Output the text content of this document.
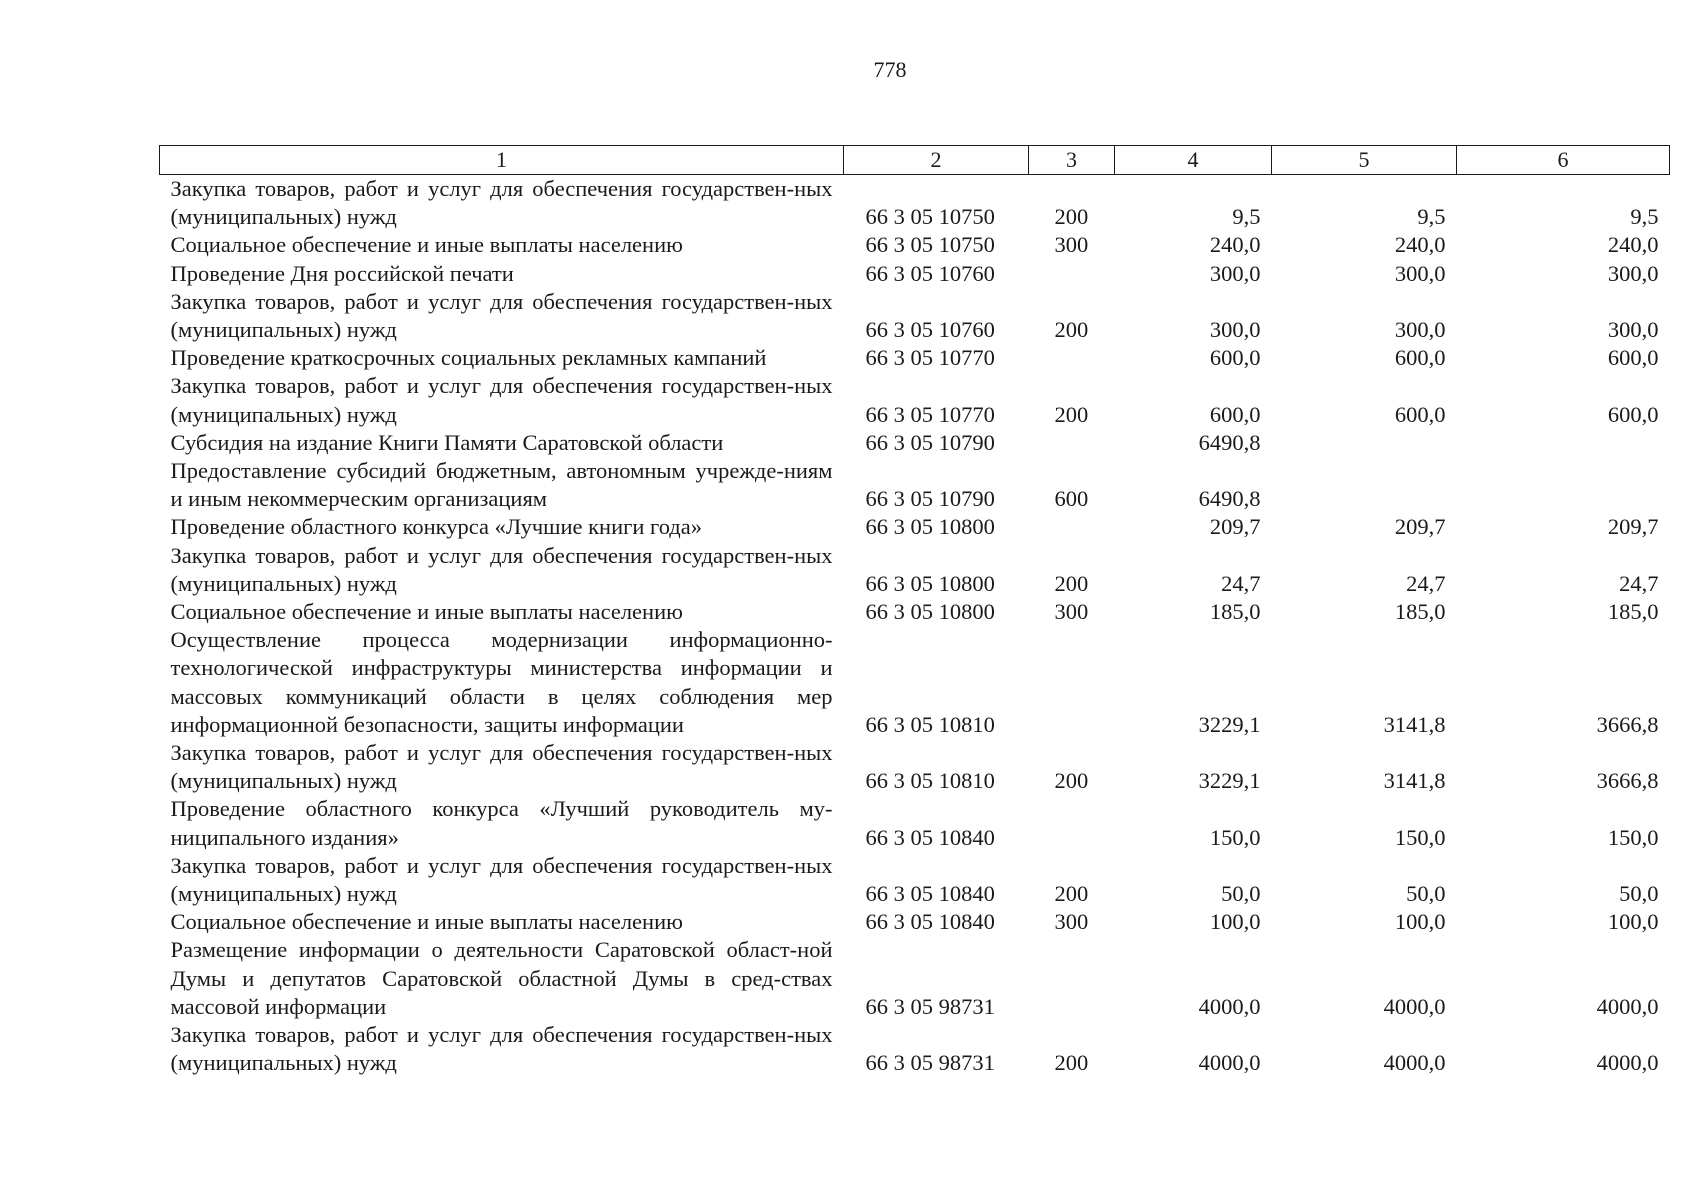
778
1	2	3	4	5	6
Закупка товаров, работ и услуг для обеспечения государствен-ных (муниципальных) нужд	66 3 05 10750	200	9,5	9,5	9,5
Социальное обеспечение и иные выплаты населению	66 3 05 10750	300	240,0	240,0	240,0
Проведение Дня российской печати	66 3 05 10760		300,0	300,0	300,0
Закупка товаров, работ и услуг для обеспечения государствен-ных (муниципальных) нужд	66 3 05 10760	200	300,0	300,0	300,0
Проведение краткосрочных социальных рекламных кампаний	66 3 05 10770		600,0	600,0	600,0
Закупка товаров, работ и услуг для обеспечения государствен-ных (муниципальных) нужд	66 3 05 10770	200	600,0	600,0	600,0
Субсидия на издание Книги Памяти Саратовской области	66 3 05 10790		6490,8		
Предоставление субсидий бюджетным, автономным учрежде-ниям и иным некоммерческим организациям	66 3 05 10790	600	6490,8		
Проведение областного конкурса «Лучшие книги года»	66 3 05 10800		209,7	209,7	209,7
Закупка товаров, работ и услуг для обеспечения государствен-ных (муниципальных) нужд	66 3 05 10800	200	24,7	24,7	24,7
Социальное обеспечение и иные выплаты населению	66 3 05 10800	300	185,0	185,0	185,0
Осуществление процесса модернизации информационно-технологической инфраструктуры министерства информации и массовых коммуникаций области в целях соблюдения мер информационной безопасности, защиты информации	66 3 05 10810		3229,1	3141,8	3666,8
Закупка товаров, работ и услуг для обеспечения государствен-ных (муниципальных) нужд	66 3 05 10810	200	3229,1	3141,8	3666,8
Проведение областного конкурса «Лучший руководитель му-ниципального издания»	66 3 05 10840		150,0	150,0	150,0
Закупка товаров, работ и услуг для обеспечения государствен-ных (муниципальных) нужд	66 3 05 10840	200	50,0	50,0	50,0
Социальное обеспечение и иные выплаты населению	66 3 05 10840	300	100,0	100,0	100,0
Размещение информации о деятельности Саратовской област-ной Думы и депутатов Саратовской областной Думы в сред-ствах массовой информации	66 3 05 98731		4000,0	4000,0	4000,0
Закупка товаров, работ и услуг для обеспечения государствен-ных (муниципальных) нужд	66 3 05 98731	200	4000,0	4000,0	4000,0
